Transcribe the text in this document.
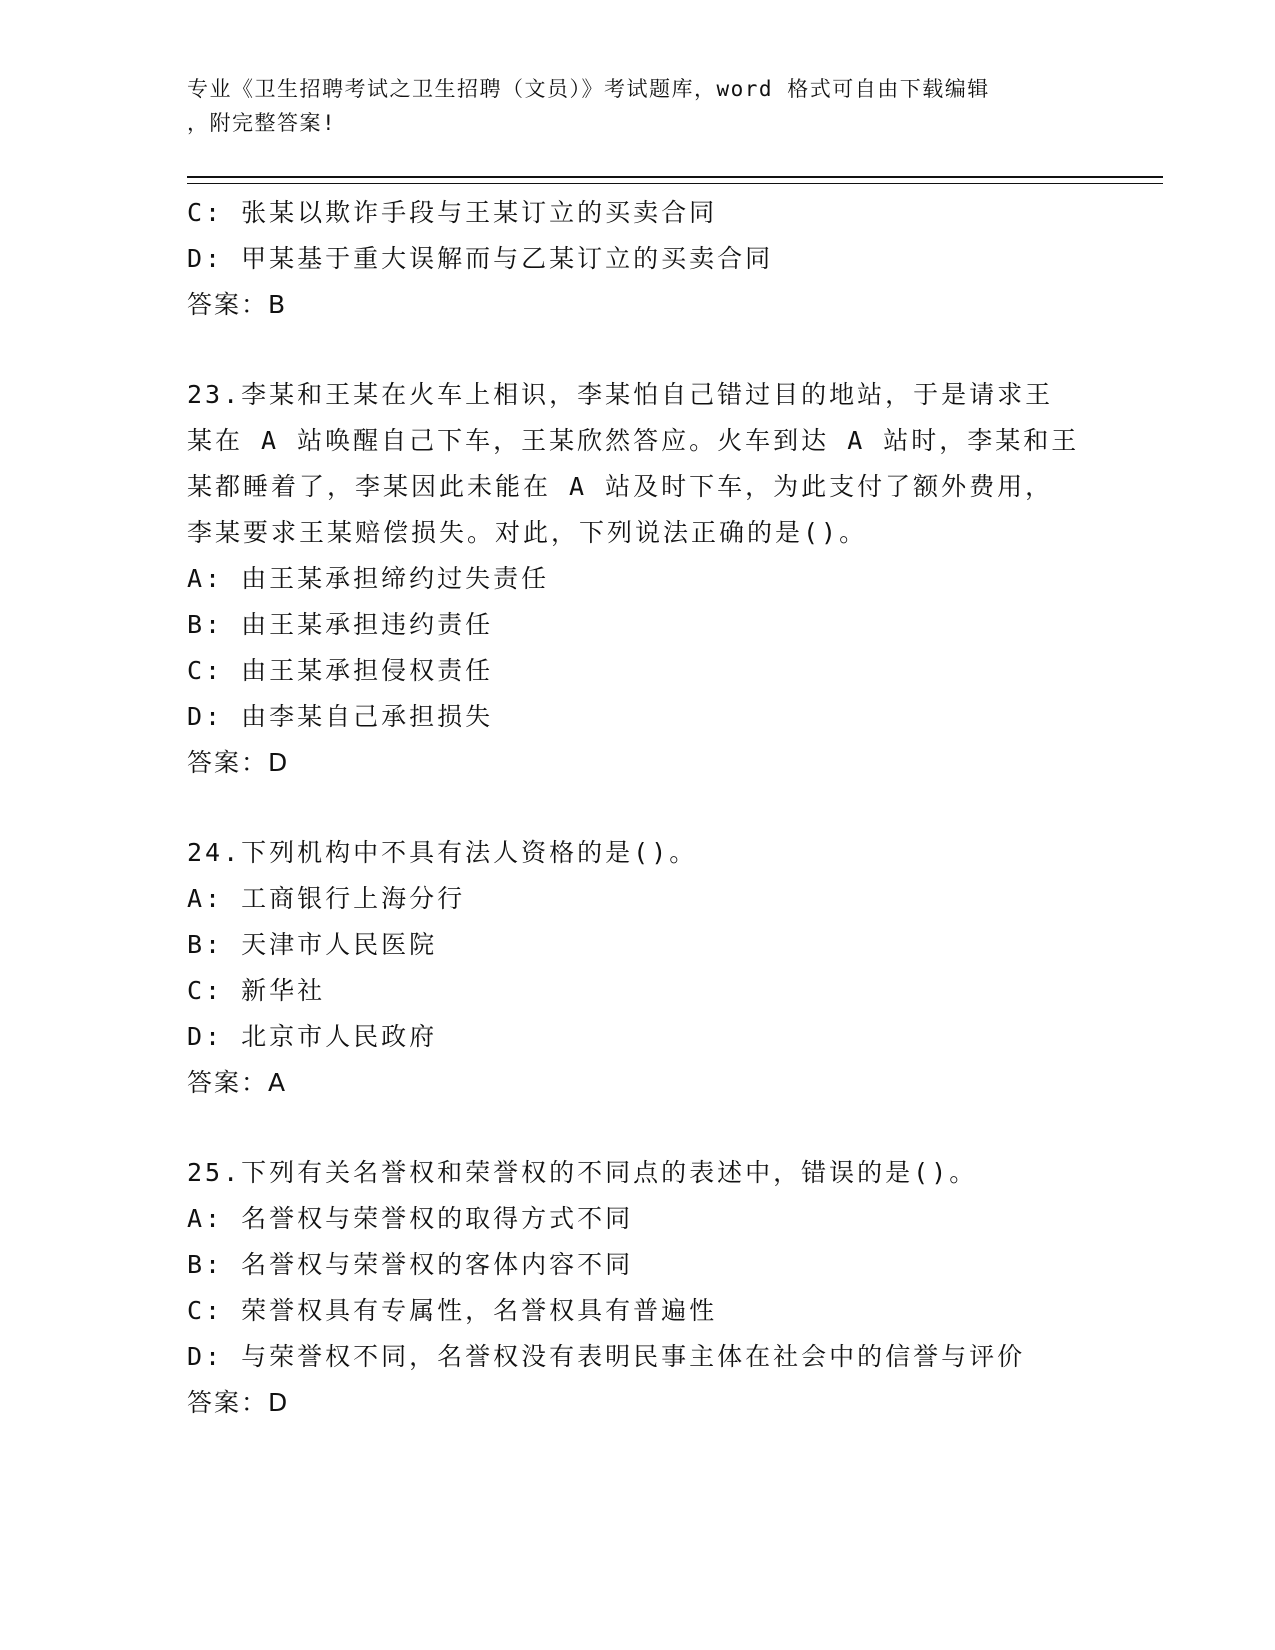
专业《卫生招聘考试之卫生招聘（文员）》考试题库，word 格式可自由下载编辑
，附完整答案!
C: 张某以欺诈手段与王某订立的买卖合同
D: 甲某基于重大误解而与乙某订立的买卖合同
答案：B
23.李某和王某在火车上相识，李某怕自己错过目的地站，于是请求王
某在 A 站唤醒自己下车，王某欣然答应。火车到达 A 站时，李某和王
某都睡着了，李某因此未能在 A 站及时下车，为此支付了额外费用，
李某要求王某赔偿损失。对此，下列说法正确的是()。
A: 由王某承担缔约过失责任
B: 由王某承担违约责任
C: 由王某承担侵权责任
D: 由李某自己承担损失
答案：D
24.下列机构中不具有法人资格的是()。
A: 工商银行上海分行
B: 天津市人民医院
C: 新华社
D: 北京市人民政府
答案：A
25.下列有关名誉权和荣誉权的不同点的表述中，错误的是()。
A: 名誉权与荣誉权的取得方式不同
B: 名誉权与荣誉权的客体内容不同
C: 荣誉权具有专属性，名誉权具有普遍性
D: 与荣誉权不同，名誉权没有表明民事主体在社会中的信誉与评价
答案：D
